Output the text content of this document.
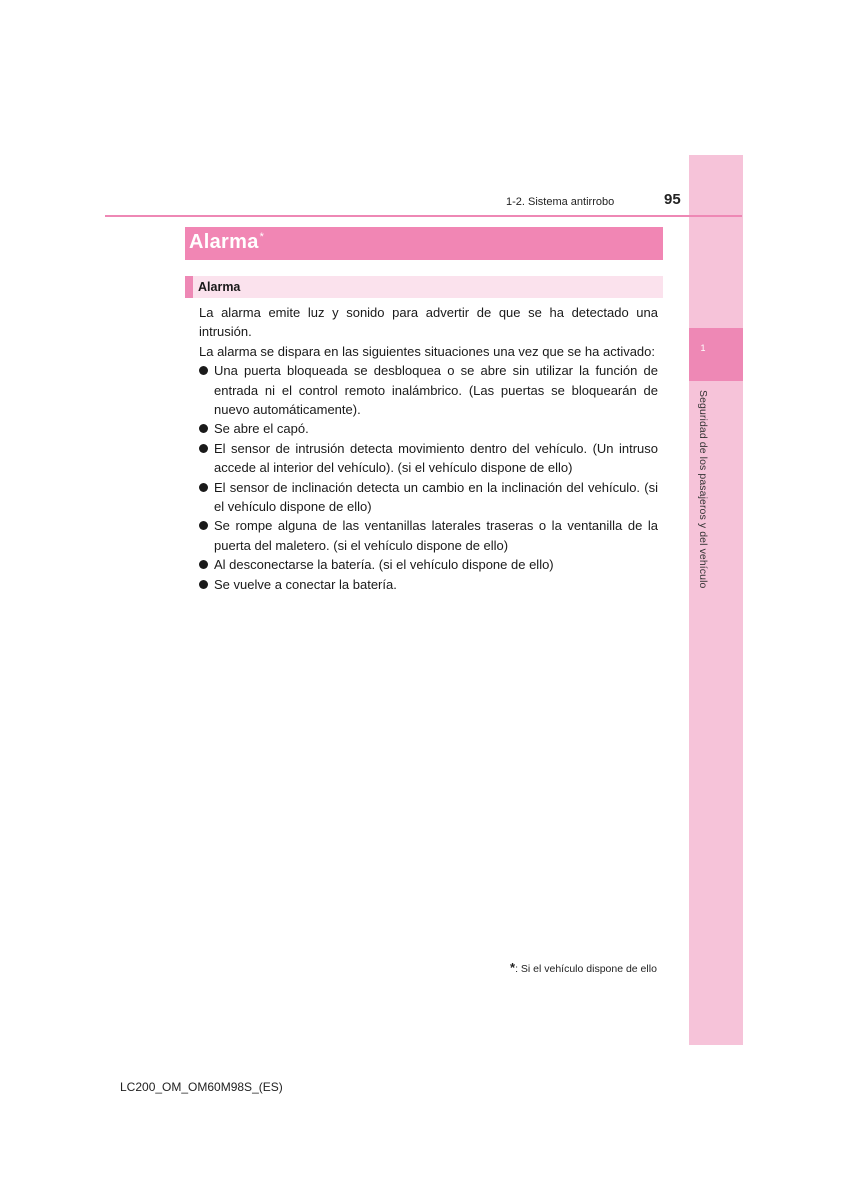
1
Seguridad de los pasajeros y del vehículo
1-2. Sistema antirrobo	95
Alarma*
Alarma

La alarma emite luz y sonido para advertir de que se ha detectado una intrusión.

La alarma se dispara en las siguientes situaciones una vez que se ha activado:

Una puerta bloqueada se desbloquea o se abre sin utilizar la función de entrada ni el control remoto inalámbrico. (Las puertas se bloquearán de nuevo automáticamente).
Se abre el capó.
El sensor de intrusión detecta movimiento dentro del vehículo. (Un intruso accede al interior del vehículo). (si el vehículo dispone de ello)
El sensor de inclinación detecta un cambio en la inclinación del vehículo. (si el vehículo dispone de ello)
Se rompe alguna de las ventanillas laterales traseras o la ventanilla de la puerta del maletero. (si el vehículo dispone de ello)
Al desconectarse la batería. (si el vehículo dispone de ello)
Se vuelve a conectar la batería.
*: Si el vehículo dispone de ello
LC200_OM_OM60M98S_(ES)
